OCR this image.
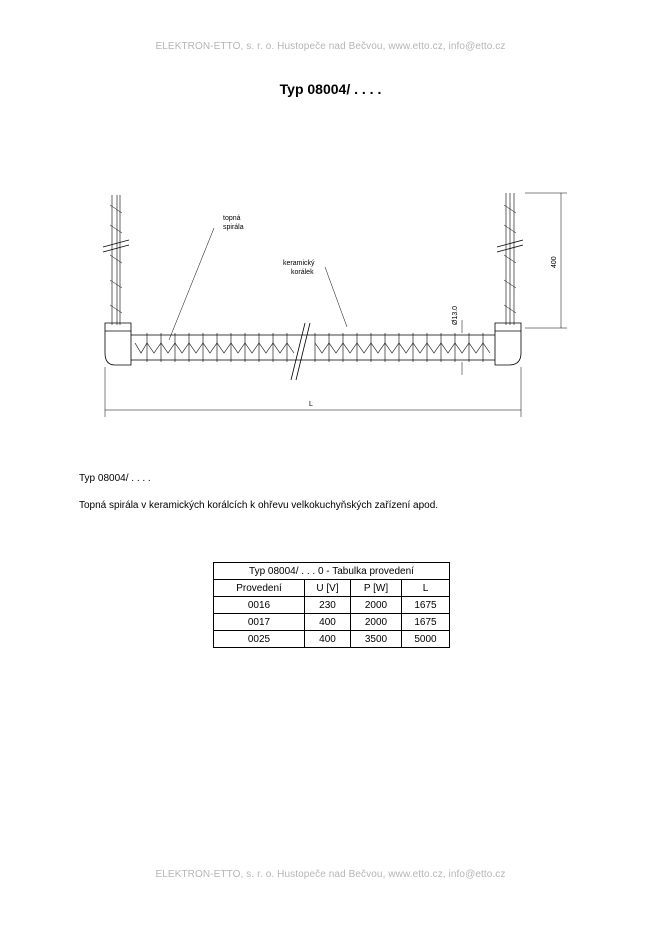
ELEKTRON-ETTO, s. r. o. Hustopeče nad Bečvou, www.etto.cz, info@etto.cz
Typ 08004/ . . . .
topná
spirála
keramický
korálek
Ø13.0
400
L
Typ 08004/ . . . .
Topná spirála v keramických korálcích k ohřevu velkokuchyňských zařízení apod.
Typ 08004/ . . . 0 - Tabulka provedení			
Provedení	U [V]	P [W]	L
0016	230	2000	1675
0017	400	2000	1675
0025	400	3500	5000
ELEKTRON-ETTO, s. r. o. Hustopeče nad Bečvou, www.etto.cz, info@etto.cz
